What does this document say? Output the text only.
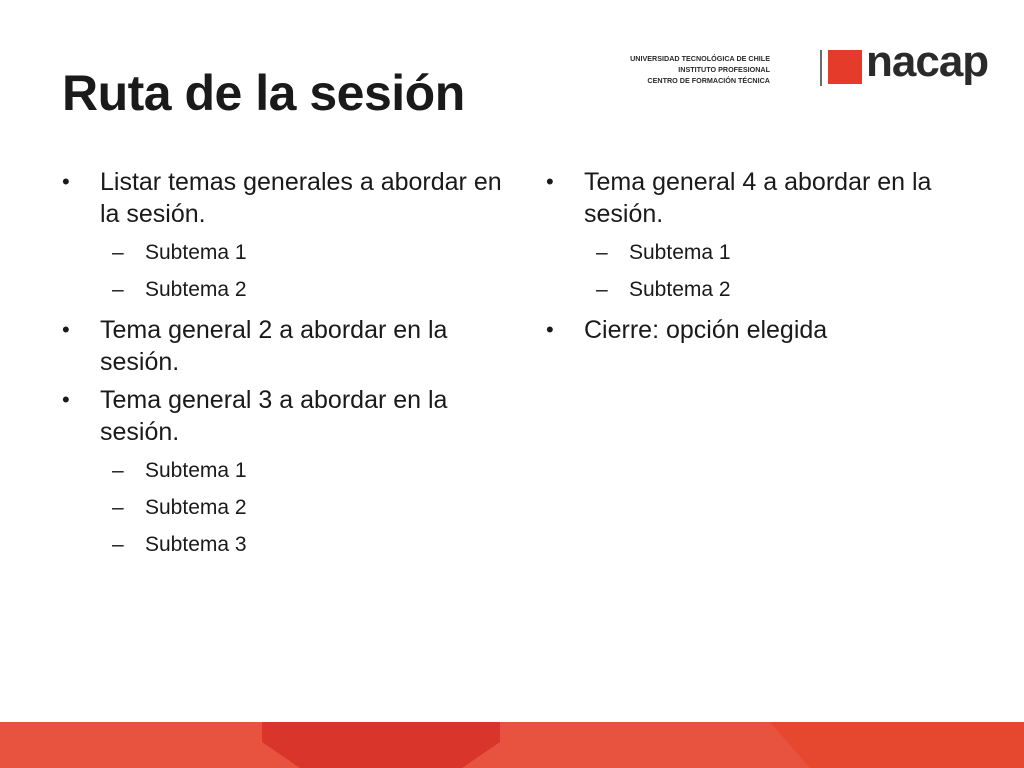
Ruta de la sesión
UNIVERSIDAD TECNOLÓGICA DE CHILE
INSTITUTO PROFESIONAL
CENTRO DE FORMACIÓN TÉCNICA nacap
• Listar temas generales a abordar en la sesión.
– Subtema 1
– Subtema 2
• Tema general 2 a abordar en la sesión.
• Tema general 3 a abordar en la sesión.
– Subtema 1
– Subtema 2
– Subtema 3
• Tema general 4 a abordar en la sesión.
– Subtema 1
– Subtema 2
• Cierre: opción elegida
